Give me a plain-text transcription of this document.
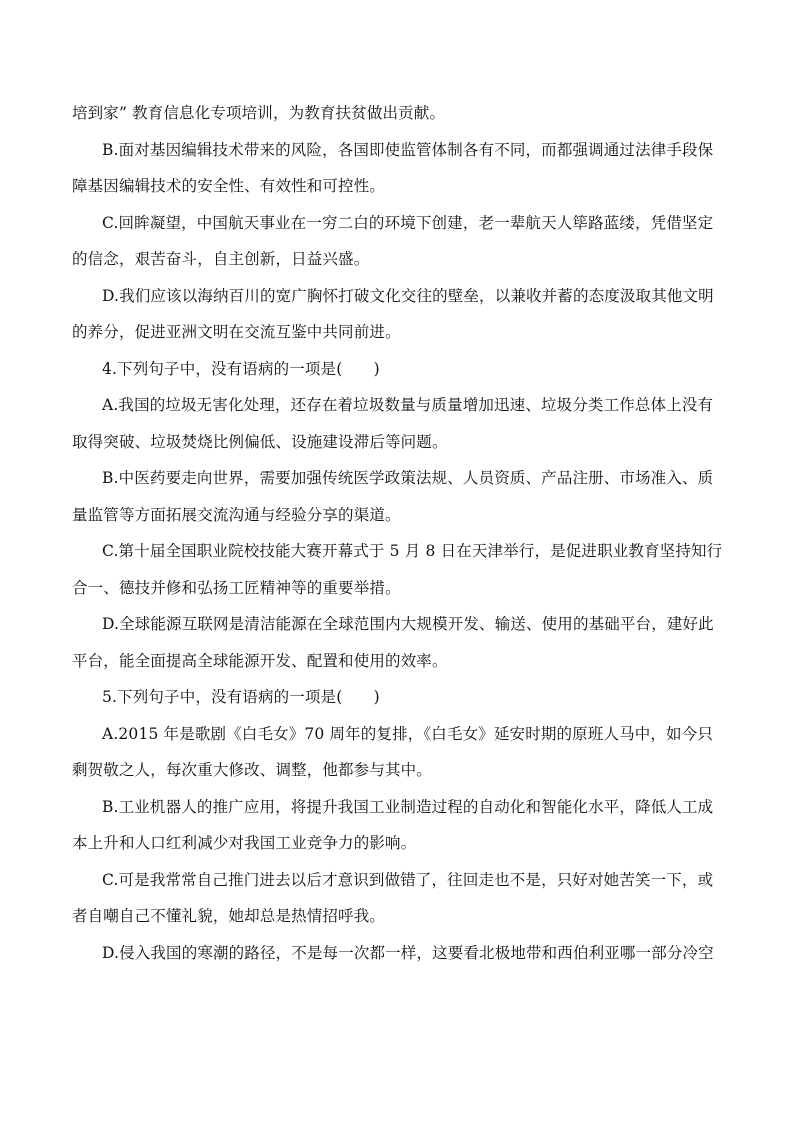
培到家” 教育信息化专项培训，为教育扶贫做出贡献。
B.面对基因编辑技术带来的风险，各国即使监管体制各有不同，而都强调通过法律手段保
障基因编辑技术的安全性、有效性和可控性。
C.回眸凝望，中国航天事业在一穷二白的环境下创建，老一辈航天人筚路蓝缕，凭借坚定
的信念，艰苦奋斗，自主创新，日益兴盛。
D.我们应该以海纳百川的宽广胸怀打破文化交往的壁垒，以兼收并蓄的态度汲取其他文明
的养分，促进亚洲文明在交流互鉴中共同前进。
4.下列句子中，没有语病的一项是(　　)
A.我国的垃圾无害化处理，还存在着垃圾数量与质量增加迅速、垃圾分类工作总体上没有
取得突破、垃圾焚烧比例偏低、设施建设滞后等问题。
B.中医药要走向世界，需要加强传统医学政策法规、人员资质、产品注册、市场准入、质
量监管等方面拓展交流沟通与经验分享的渠道。
C.第十届全国职业院校技能大赛开幕式于 5 月 8 日在天津举行，是促进职业教育坚持知行
合一、德技并修和弘扬工匠精神等的重要举措。
D.全球能源互联网是清洁能源在全球范围内大规模开发、输送、使用的基础平台，建好此
平台，能全面提高全球能源开发、配置和使用的效率。
5.下列句子中，没有语病的一项是(　　)
A.2015 年是歌剧《白毛女》70 周年的复排，《白毛女》延安时期的原班人马中，如今只
剩贺敬之人，每次重大修改、调整，他都参与其中。
B.工业机器人的推广应用，将提升我国工业制造过程的自动化和智能化水平，降低人工成
本上升和人口红利减少对我国工业竞争力的影响。
C.可是我常常自己推门进去以后才意识到做错了，往回走也不是，只好对她苦笑一下，或
者自嘲自己不懂礼貌，她却总是热情招呼我。
D.侵入我国的寒潮的路径，不是每一次都一样，这要看北极地带和西伯利亚哪一部分冷空
